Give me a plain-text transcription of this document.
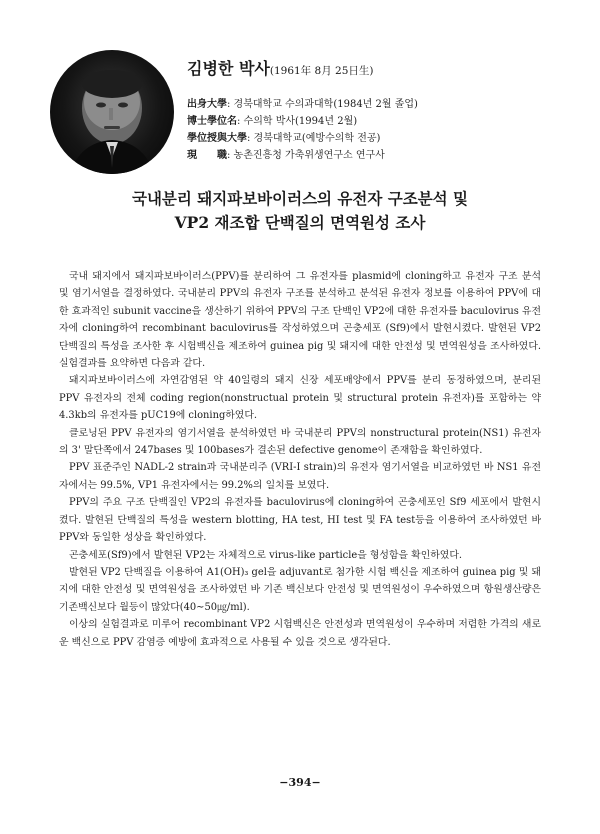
김병한 박사(1961年 8月 25日生)
出身大學 : 경북대학교 수의과대학(1984년 2월 졸업)
博士學位名 : 수의학 박사(1994년 2월)
學位授與大學 : 경북대학교(예방수의학 전공)
現　　職 : 농촌진흥청 가축위생연구소 연구사
국내분리 돼지파보바이러스의 유전자 구조분석 및
VP2 재조합 단백질의 면역원성 조사

국내 돼지에서 돼지파보바이러스(PPV)를 분리하여 그 유전자를 plasmid에 cloning하고 유전자 구조 분석 및 염기서열을 결정하였다. 국내분리 PPV의 유전자 구조를 분석하고 분석된 유전자 정보를 이용하여 PPV에 대한 효과적인 subunit vaccine을 생산하기 위하여 PPV의 구조 단백인 VP2에 대한 유전자를 baculovirus 유전자에 cloning하여 recombinant baculovirus를 작성하였으며 곤충세포 (Sf9)에서 발현시켰다. 발현된 VP2 단백질의 특성을 조사한 후 시험백신을 제조하여 guinea pig 및 돼지에 대한 안전성 및 면역원성을 조사하였다. 실험결과를 요약하면 다음과 같다.

돼지파보바이러스에 자연감염된 약 40일령의 돼지 신장 세포배양에서 PPV를 분리 동정하였으며, 분리된 PPV 유전자의 전체 coding region(nonstructual protein 및 structural protein 유전자)를 포함하는 약 4.3kb의 유전자를 pUC19에 cloning하였다.

클로닝된 PPV 유전자의 염기서열을 분석하였던 바 국내분리 PPV의 nonstructural protein(NS1) 유전자의 3' 말단쪽에서 247bases 및 100bases가 결손된 defective genome이 존재함을 확인하였다.

PPV 표준주인 NADL-2 strain과 국내분리주 (VRI-I strain)의 유전자 염기서열을 비교하였던 바 NS1 유전자에서는 99.5%, VP1 유전자에서는 99.2%의 일치를 보였다.

PPV의 주요 구조 단백질인 VP2의 유전자를 baculovirus에 cloning하여 곤충세포인 Sf9 세포에서 발현시켰다. 발현된 단백질의 특성을 western blotting, HA test, HI test 및 FA test등을 이용하여 조사하였던 바 PPV와 동일한 성상을 확인하였다.

곤충세포(Sf9)에서 발현된 VP2는 자체적으로 virus-like particle을 형성함을 확인하였다.

발현된 VP2 단백질을 이용하여 A1(OH)₃ gel을 adjuvant로 첨가한 시험 백신을 제조하여 guinea pig 및 돼지에 대한 안전성 및 면역원성을 조사하였던 바 기존 백신보다 안전성 및 면역원성이 우수하였으며 항원생산량은 기존백신보다 월등이 많았다(40∼50㎍/ml).

이상의 실험결과로 미루어 recombinant VP2 시험백신은 안전성과 면역원성이 우수하며 저렴한 가격의 새로운 백신으로 PPV 감염증 예방에 효과적으로 사용될 수 있을 것으로 생각된다.

−394−
